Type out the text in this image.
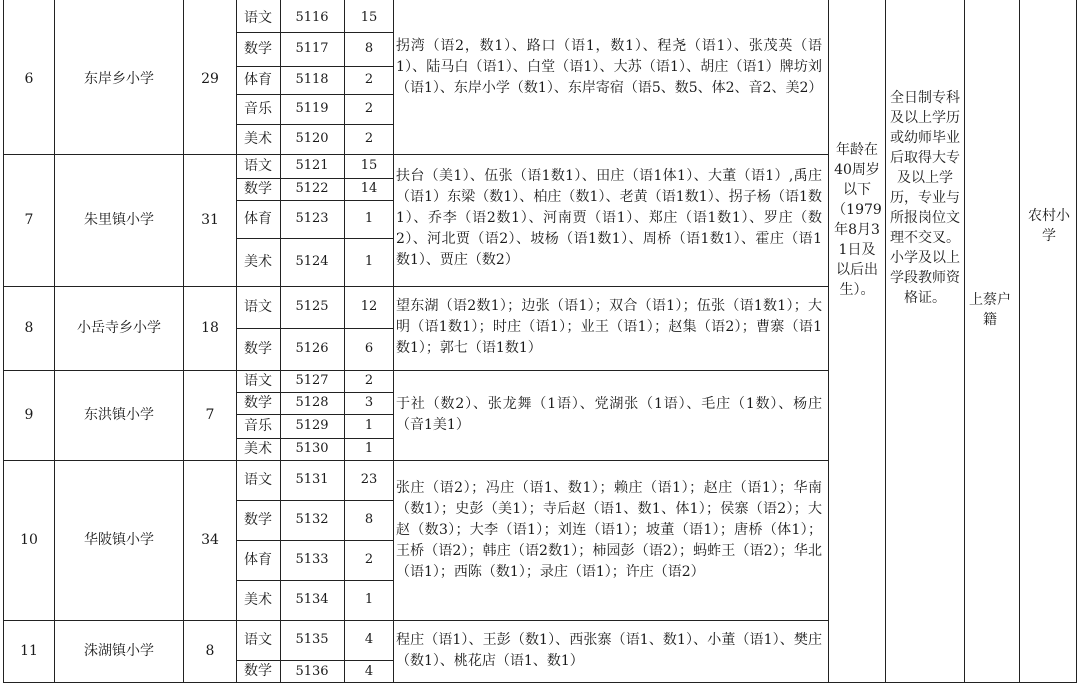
6	东岸乡小学	29
语文	5116	15
数学	5117	8
体育	5118	2
音乐	5119	2
美术	5120	2
拐湾（语2，数1）、路口（语1，数1）、程尧（语1）、张茂英（语1）、陆马白（语1）、白堂（语1）、大苏（语1）、胡庄（语1）牌坊刘（语1）、东岸小学（数1）、东岸寄宿（语5、数5、体2、音2、美2）
7	朱里镇小学	31
语文	5121	15
数学	5122	14
体育	5123	1
美术	5124	1
扶台（美1）、伍张（语1数1）、田庄（语1体1）、大董（语1）,禹庄（语1）东梁（数1）、柏庄（数1）、老黄（语1数1）、拐子杨（语1数1）、乔李（语2数1）、河南贾（语1）、郑庄（语1数1）、罗庄（数2）、河北贾（语2）、坡杨（语1数1）、周桥（语1数1）、霍庄（语1数1）、贾庄（数2）
8	小岳寺乡小学	18
语文	5125	12
数学	5126	6
望东湖（语2数1）；边张（语1）；双合（语1）；伍张（语1数1）；大明（语1数1）；时庄（语1）；业王（语1）；赵集（语2）；曹寨（语1数1）；郭七（语1数1）
9	东洪镇小学	7
语文	5127	2
数学	5128	3
音乐	5129	1
美术	5130	1
于社（数2）、张龙舞（1语）、党湖张（1语）、毛庄（1数）、杨庄（音1美1）
10	华陂镇小学	34
语文	5131	23
数学	5132	8
体育	5133	2
美术	5134	1
张庄（语2）；冯庄（语1、数1）；赖庄（语1）；赵庄（语1）；华南（数1）；史彭（美1）；寺后赵（语1、数1、体1）；侯寨（语2）；大赵（数3）；大李（语1）；刘连（语1）；坡董（语1）；唐桥（体1）；王桥（语2）；韩庄（语2数1）；柿园彭（语2）；蚂蚱王（语2）；华北（语1）；西陈（数1）；录庄（语1）；许庄（语2）
11	洙湖镇小学	8
语文	5135	4
数学	5136	4
程庄（语1）、王彭（数1）、西张寨（语1、数1）、小董（语1）、樊庄（数1）、桃花店（语1、数1）
年龄在40周岁以下（1979年8月31日及以后出生）。
全日制专科及以上学历或幼师毕业后取得大专及以上学历，专业与所报岗位文理不交叉。小学及以上学段教师资格证。	上蔡户籍
农村小学
